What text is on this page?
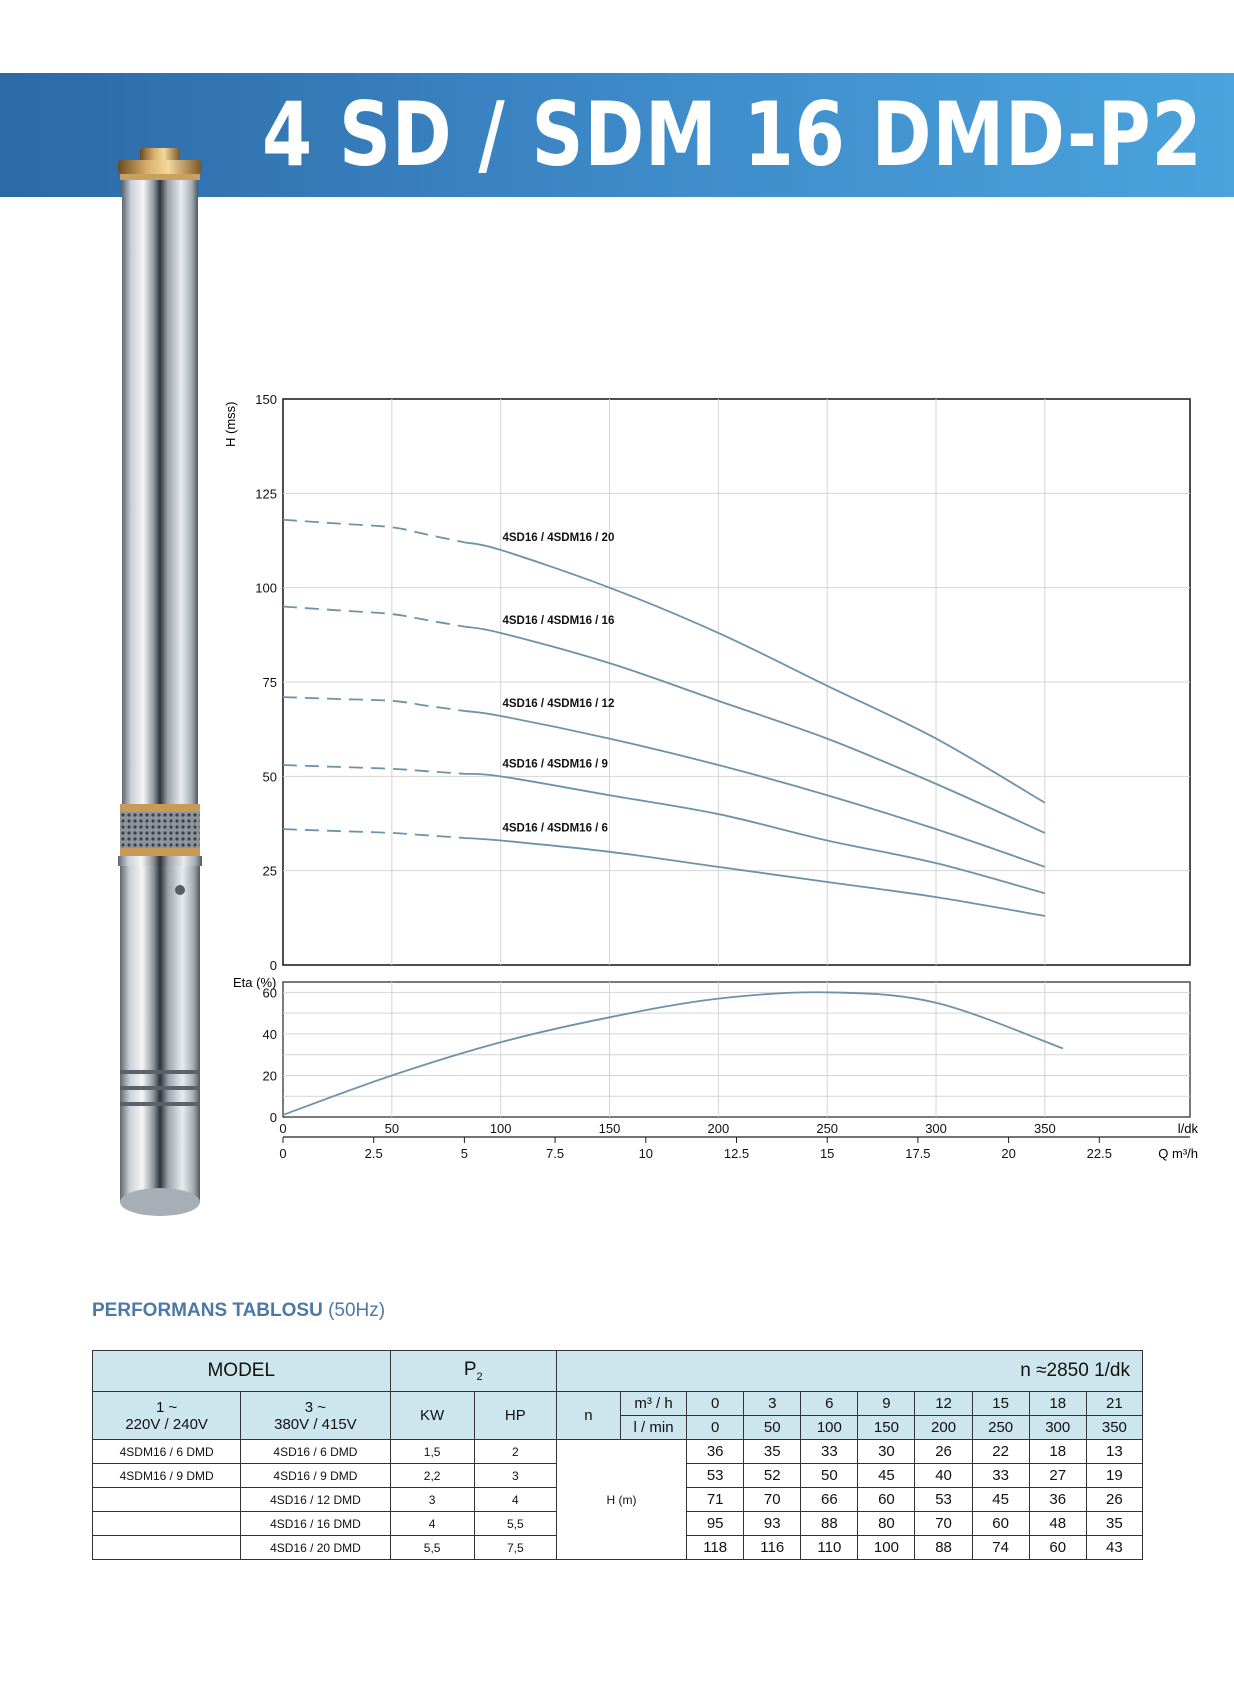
4 SD / SDM 16 DMD-P2
4SD16 / 4SDM16 / 20
4SD16 / 4SDM16 / 16
4SD16 / 4SDM16 / 12
4SD16 / 4SDM16 / 9
4SD16 / 4SDM16 / 6
150
125
100
75
50
25
0
60
40
20
0
0	50	100	150	200	250	300	350
0	2.5	5	7.5	10	12.5	15	17.5	20	22.5
H (mss)
Eta (%)
l/dk
Q m³/h
PERFORMANS TABLOSU (50Hz)
MODEL		$P_2$		n ≈2850 1/dk									
1 ~
220V / 240V	3 ~
380V / 415V	KW	HP	n	m³ / h	0	3	6	9	12	15	18	21
					l / min	0	50	100	150	200	250	300	350
4SDM16 / 6 DMD	4SD16 / 6 DMD	1,5	2	H (m)		36	35	33	30	26	22	18	13
4SDM16 / 9 DMD	4SD16 / 9 DMD	2,2	3			53	52	50	45	40	33	27	19
	4SD16 / 12 DMD	3	4			71	70	66	60	53	45	36	26
	4SD16 / 16 DMD	4	5,5			95	93	88	80	70	60	48	35
	4SD16 / 20 DMD	5,5	7,5			118	116	110	100	88	74	60	43
